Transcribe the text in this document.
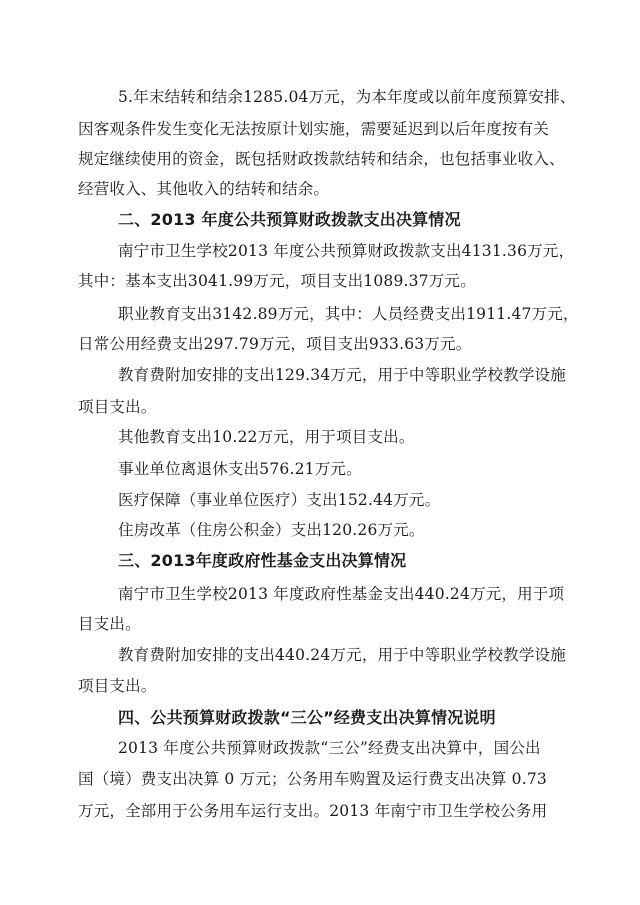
5.年末结转和结余1285.04万元，为本年度或以前年度预算安排、
因客观条件发生变化无法按原计划实施，需要延迟到以后年度按有关
规定继续使用的资金，既包括财政拨款结转和结余，也包括事业收入、
经营收入、其他收入的结转和结余。
二、2013 年度公共预算财政拨款支出决算情况
南宁市卫生学校2013 年度公共预算财政拨款支出4131.36万元，
其中：基本支出3041.99万元，项目支出1089.37万元。
职业教育支出3142.89万元，其中：人员经费支出1911.47万元，
日常公用经费支出297.79万元，项目支出933.63万元。
教育费附加安排的支出129.34万元，用于中等职业学校教学设施
项目支出。
其他教育支出10.22万元，用于项目支出。
事业单位离退休支出576.21万元。
医疗保障（事业单位医疗）支出152.44万元。
住房改革（住房公积金）支出120.26万元。
三、2013年度政府性基金支出决算情况
南宁市卫生学校2013 年度政府性基金支出440.24万元，用于项
目支出。
教育费附加安排的支出440.24万元，用于中等职业学校教学设施
项目支出。
四、公共预算财政拨款“三公”经费支出决算情况说明
2013 年度公共预算财政拨款“三公”经费支出决算中，国公出
国（境）费支出决算 0 万元；公务用车购置及运行费支出决算 0.73
万元，全部用于公务用车运行支出。2013 年南宁市卫生学校公务用
